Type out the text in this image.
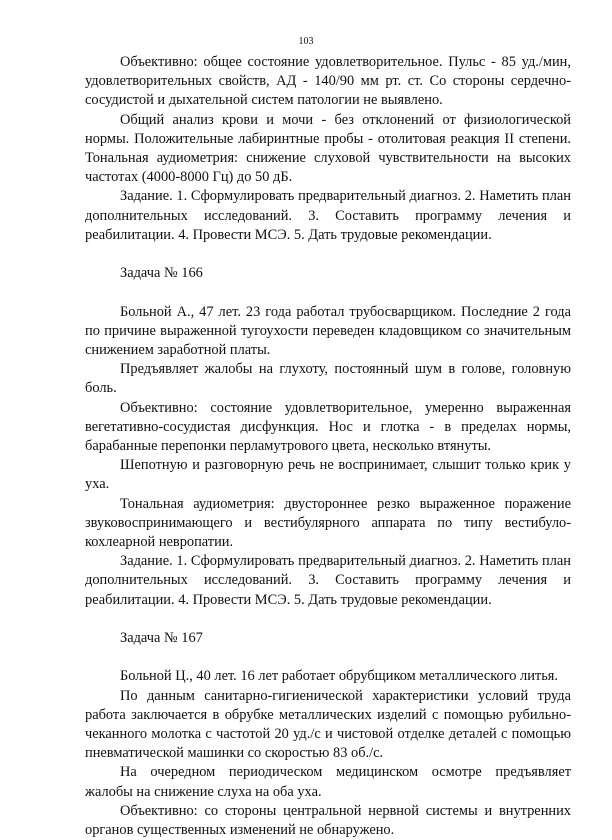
103

Объективно: общее состояние удовлетворительное. Пульс - 85 уд./мин, удовлетворительных свойств, АД - 140/90 мм рт. ст. Со стороны сердечно-сосудистой и дыхательной систем патологии не выявлено.

Общий анализ крови и мочи - без отклонений от физиологической нормы. Положительные лабиринтные пробы - отолитовая реакция II степени. Тональная аудиометрия: снижение слуховой чувствительности на высоких частотах (4000-8000 Гц) до 50 дБ.

Задание. 1. Сформулировать предварительный диагноз. 2. Наметить план дополнительных исследований. 3. Составить программу лечения и реабилитации. 4. Провести МСЭ. 5. Дать трудовые рекомендации.

Задача № 166

Больной А., 47 лет. 23 года работал трубосварщиком. Последние 2 года по причине выраженной тугоухости переведен кладовщиком со значительным снижением заработной платы.

Предъявляет жалобы на глухоту, постоянный шум в голове, головную боль.

Объективно: состояние удовлетворительное, умеренно выраженная вегетативно-сосудистая дисфункция. Нос и глотка - в пределах нормы, барабанные перепонки перламутрового цвета, несколько втянуты.

Шепотную и разговорную речь не воспринимает, слышит только крик у уха.

Тональная аудиометрия: двустороннее резко выраженное поражение звуковоспринимающего и вестибулярного аппарата по типу вестибуло-кохлеарной невропатии.

Задание. 1. Сформулировать предварительный диагноз. 2. Наметить план дополнительных исследований. 3. Составить программу лечения и реабилитации. 4. Провести МСЭ. 5. Дать трудовые рекомендации.

Задача № 167

Больной Ц., 40 лет. 16 лет работает обрубщиком металлического литья.

По данным санитарно-гигиенической характеристики условий труда работа заключается в обрубке металлических изделий с помощью рубильно-чеканного молотка с частотой 20 уд./с и чистовой отделке деталей с помощью пневматической машинки со скоростью 83 об./с.

На очередном периодическом медицинском осмотре предъявляет жалобы на снижение слуха на оба уха.

Объективно: со стороны центральной нервной системы и внутренних органов существенных изменений не обнаружено.
